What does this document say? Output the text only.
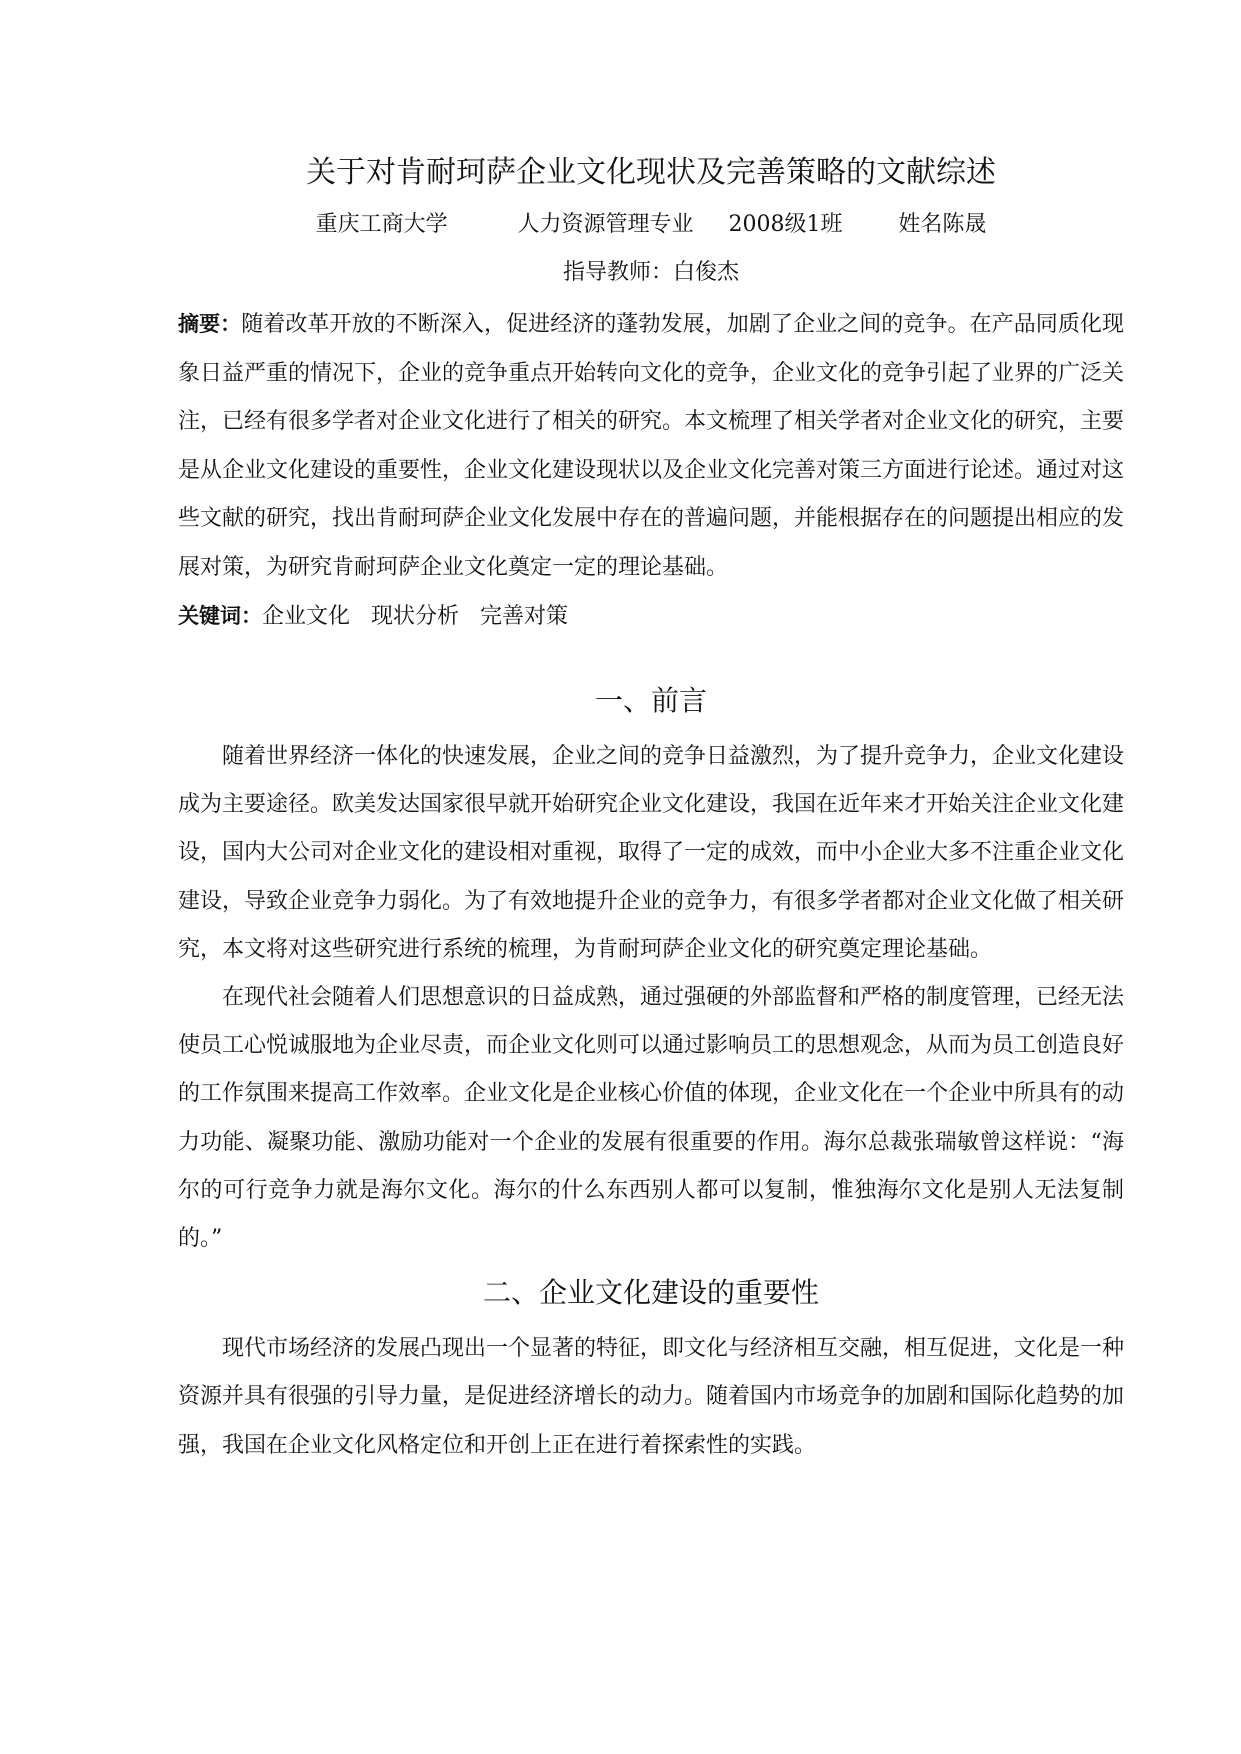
关于对肯耐珂萨企业文化现状及完善策略的文献综述
重庆工商大学          人力资源管理专业     2008级1班        姓名陈晟
指导教师：白俊杰

摘要：随着改革开放的不断深入，促进经济的蓬勃发展，加剧了企业之间的竞争。在产品同质化现象日益严重的情况下，企业的竞争重点开始转向文化的竞争，企业文化的竞争引起了业界的广泛关注，已经有很多学者对企业文化进行了相关的研究。本文梳理了相关学者对企业文化的研究，主要是从企业文化建设的重要性，企业文化建设现状以及企业文化完善对策三方面进行论述。通过对这些文献的研究，找出肯耐珂萨企业文化发展中存在的普遍问题，并能根据存在的问题提出相应的发展对策，为研究肯耐珂萨企业文化奠定一定的理论基础。

关键词：企业文化   现状分析   完善对策
一、前言

随着世界经济一体化的快速发展，企业之间的竞争日益激烈，为了提升竞争力，企业文化建设成为主要途径。欧美发达国家很早就开始研究企业文化建设，我国在近年来才开始关注企业文化建设，国内大公司对企业文化的建设相对重视，取得了一定的成效，而中小企业大多不注重企业文化建设，导致企业竞争力弱化。为了有效地提升企业的竞争力，有很多学者都对企业文化做了相关研究，本文将对这些研究进行系统的梳理，为肯耐珂萨企业文化的研究奠定理论基础。

在现代社会随着人们思想意识的日益成熟，通过强硬的外部监督和严格的制度管理，已经无法使员工心悦诚服地为企业尽责，而企业文化则可以通过影响员工的思想观念，从而为员工创造良好的工作氛围来提高工作效率。企业文化是企业核心价值的体现，企业文化在一个企业中所具有的动力功能、凝聚功能、激励功能对一个企业的发展有很重要的作用。海尔总裁张瑞敏曾这样说：“海尔的可行竞争力就是海尔文化。海尔的什么东西别人都可以复制，惟独海尔文化是别人无法复制的。”

二、企业文化建设的重要性

现代市场经济的发展凸现出一个显著的特征，即文化与经济相互交融，相互促进，文化是一种资源并具有很强的引导力量，是促进经济增长的动力。随着国内市场竞争的加剧和国际化趋势的加强，我国在企业文化风格定位和开创上正在进行着探索性的实践。
